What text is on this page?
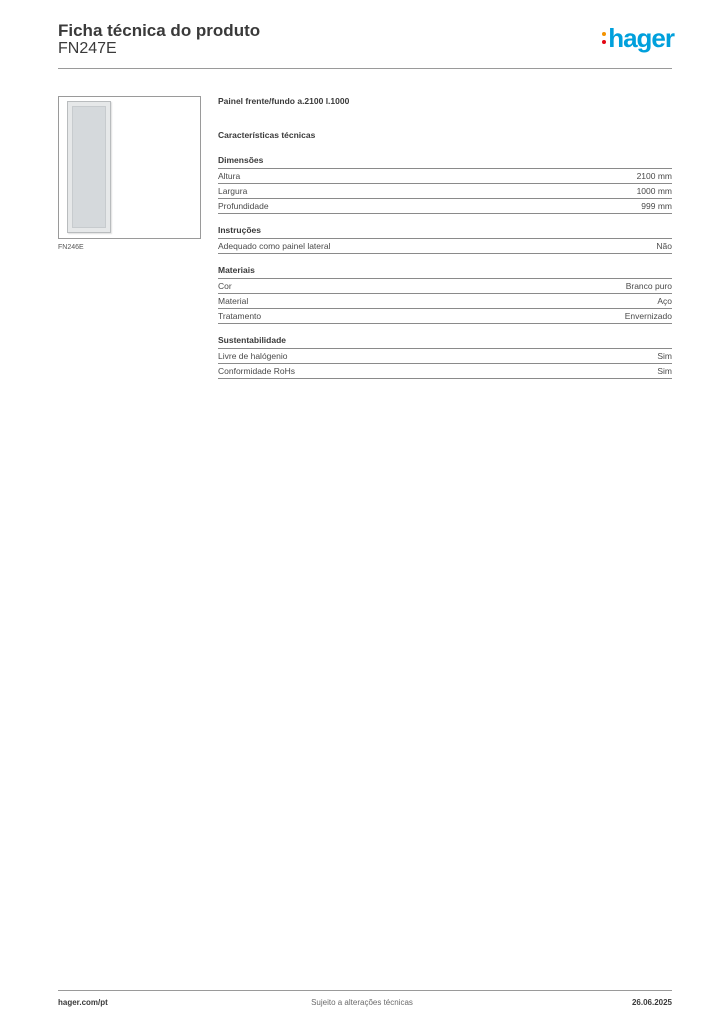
Ficha técnica do produto
FN247E	hager
FN246E
Painel frente/fundo a.2100 l.1000
Características técnicas
Dimensões
Altura	2100 mm
Largura	1000 mm
Profundidade	999 mm
Instruções
Adequado como painel lateral	Não
Materiais
Cor	Branco puro
Material	Aço
Tratamento	Envernizado
Sustentabilidade
Livre de halógenio	Sim
Conformidade RoHs	Sim
hager.com/pt	Sujeito a alterações técnicas	26.06.2025
